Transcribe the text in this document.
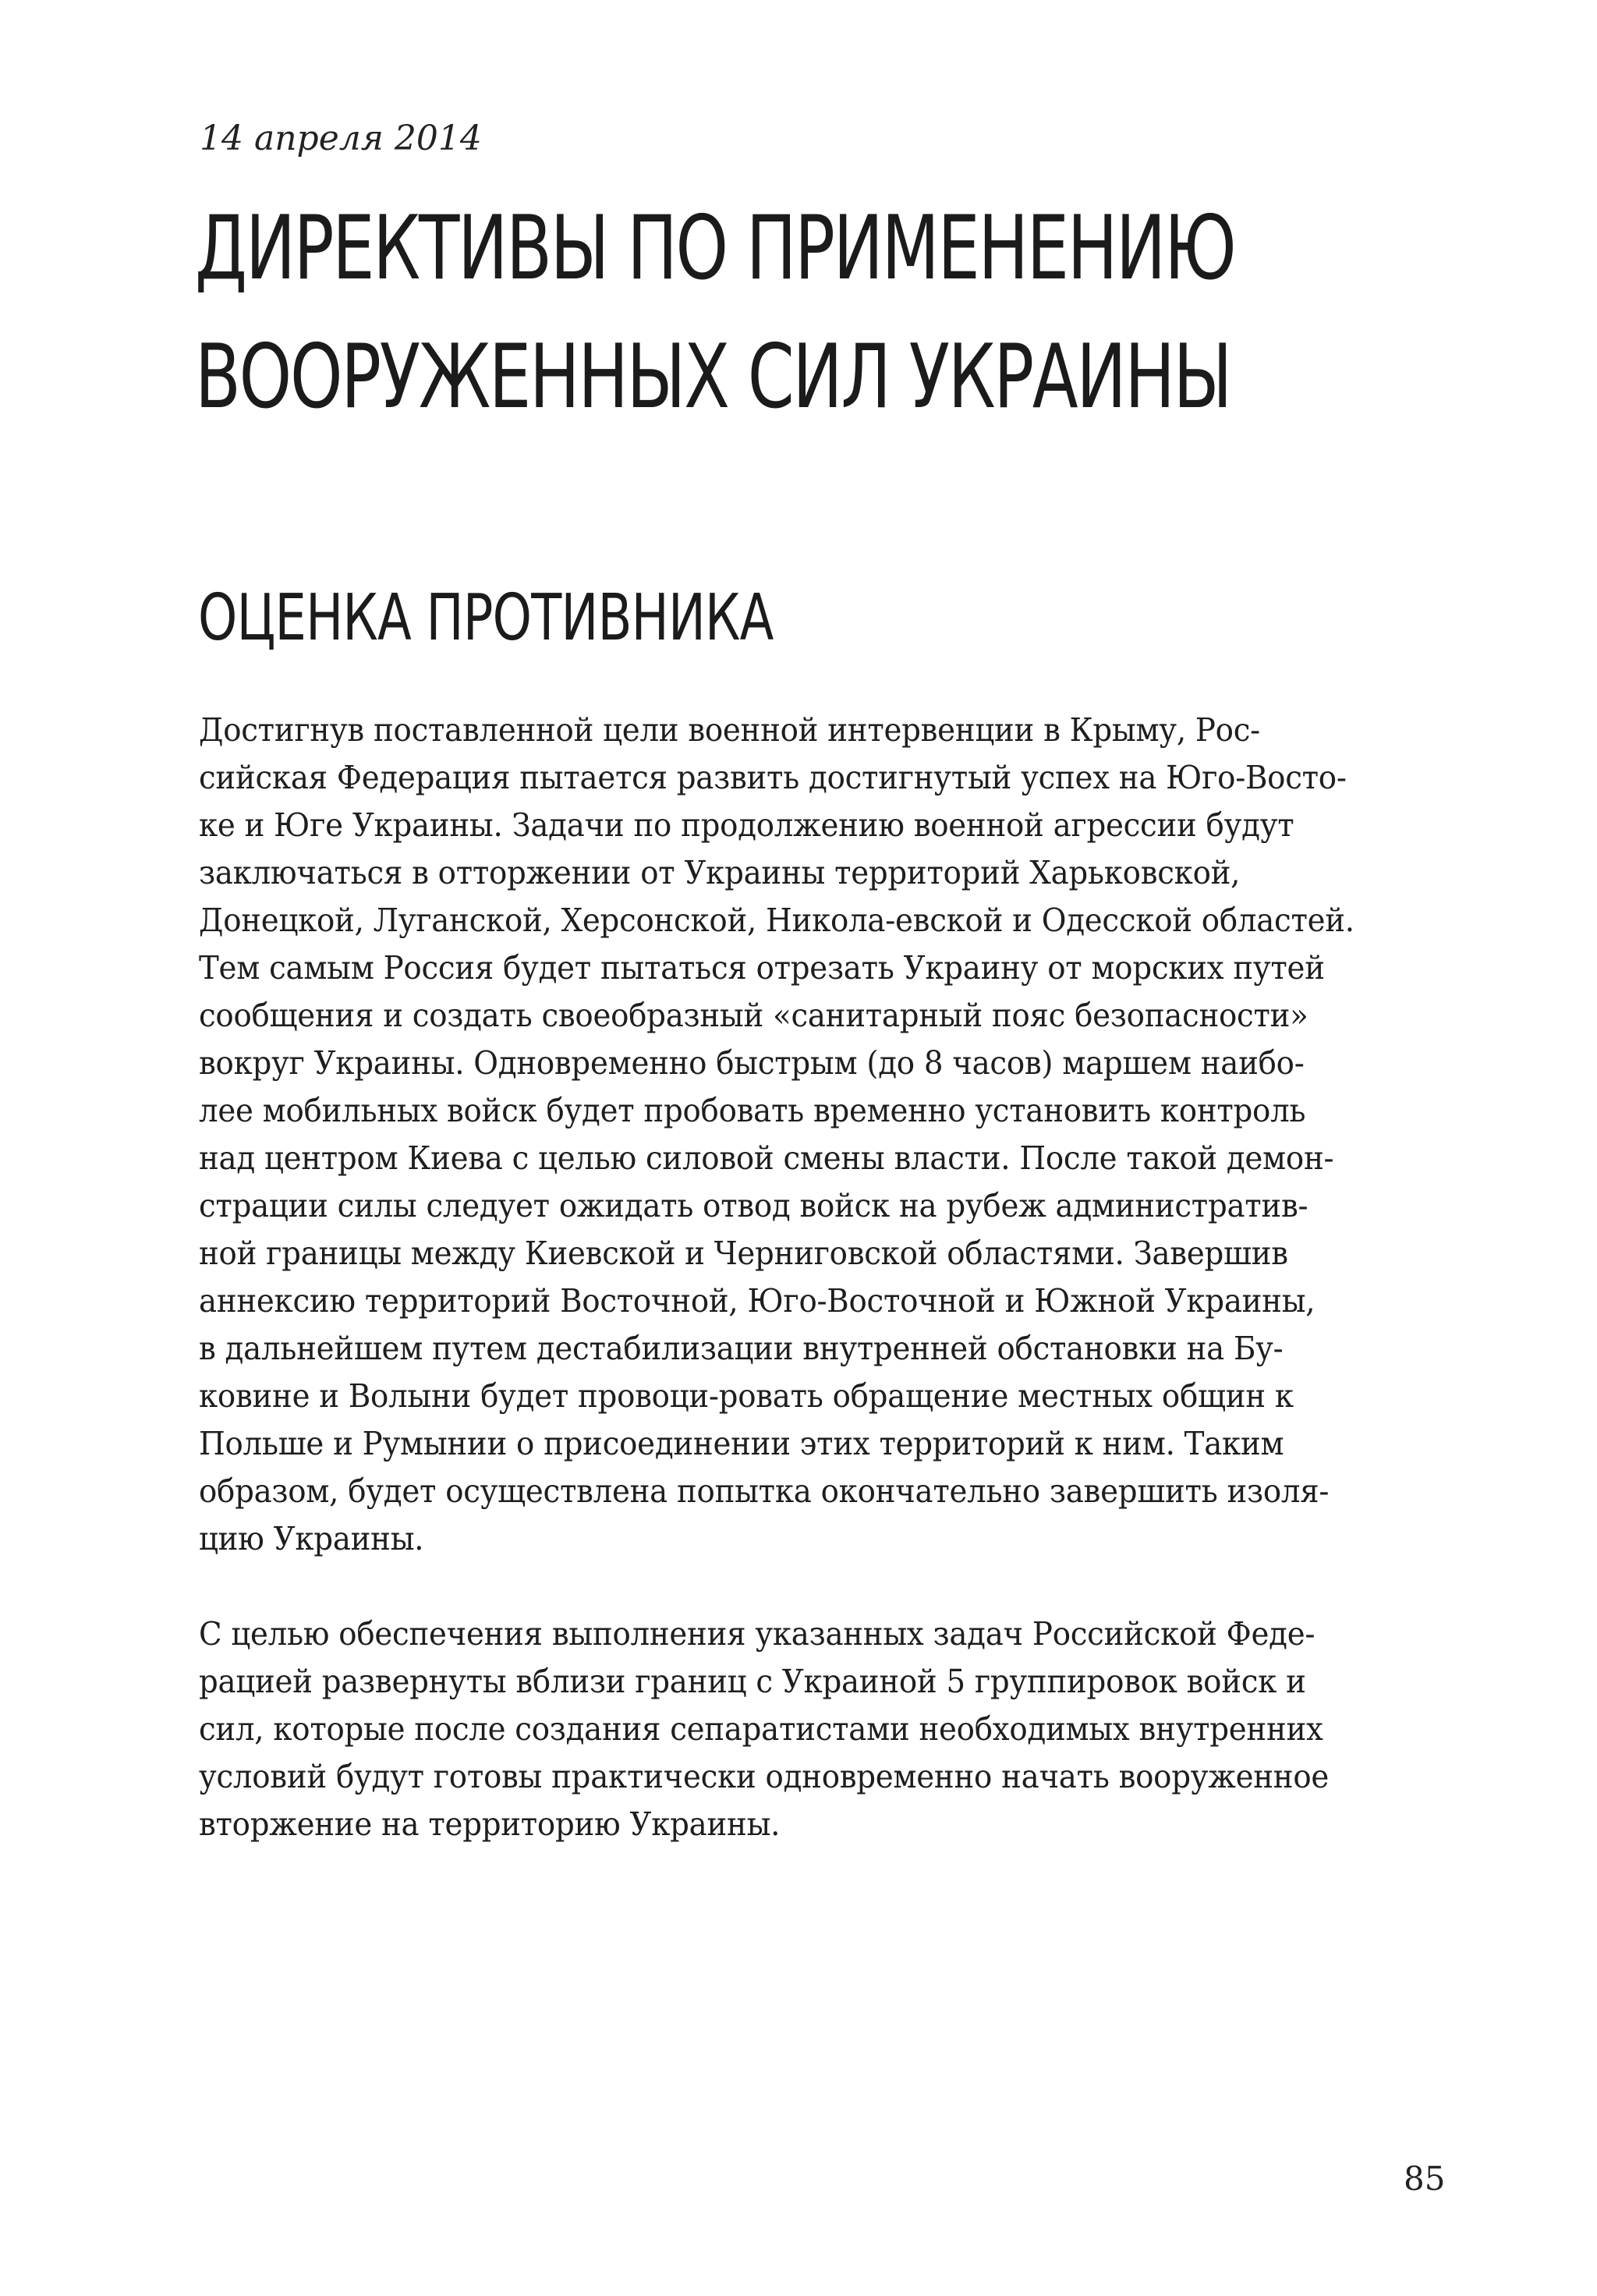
14 апреля 2014
ДИРЕКТИВЫ ПО ПРИМЕНЕНИЮ
ВООРУЖЕННЫХ СИЛ УКРАИНЫ
ОЦЕНКА ПРОТИВНИКА

Достигнув поставленной цели военной интервенции в Крыму, Рос-
сийская Федерация пытается развить достигнутый успех на Юго-Восто-
ке и Юге Украины. Задачи по продолжению военной агрессии будут
заключаться в отторжении от Украины территорий Харьковской,
Донецкой, Луганской, Херсонской, Никола-евской и Одесской областей.
Тем самым Россия будет пытаться отрезать Украину от морских путей
сообщения и создать своеобразный «санитарный пояс безопасности»
вокруг Украины. Одновременно быстрым (до 8 часов) маршем наибо-
лее мобильных войск будет пробовать временно установить контроль
над центром Киева с целью силовой смены власти. После такой демон-
страции силы следует ожидать отвод войск на рубеж административ-
ной границы между Киевской и Черниговской областями. Завершив
аннексию территорий Восточной, Юго-Восточной и Южной Украины,
в дальнейшем путем дестабилизации внутренней обстановки на Бу-
ковине и Волыни будет провоци-ровать обращение местных общин к
Польше и Румынии о присоединении этих территорий к ним. Таким
образом, будет осуществлена попытка окончательно завершить изоля-
цию Украины.

С целью обеспечения выполнения указанных задач Российской Феде-
рацией развернуты вблизи границ с Украиной 5 группировок войск и
сил, которые после создания сепаратистами необходимых внутренних
условий будут готовы практически одновременно начать вооруженное
вторжение на территорию Украины.

85
